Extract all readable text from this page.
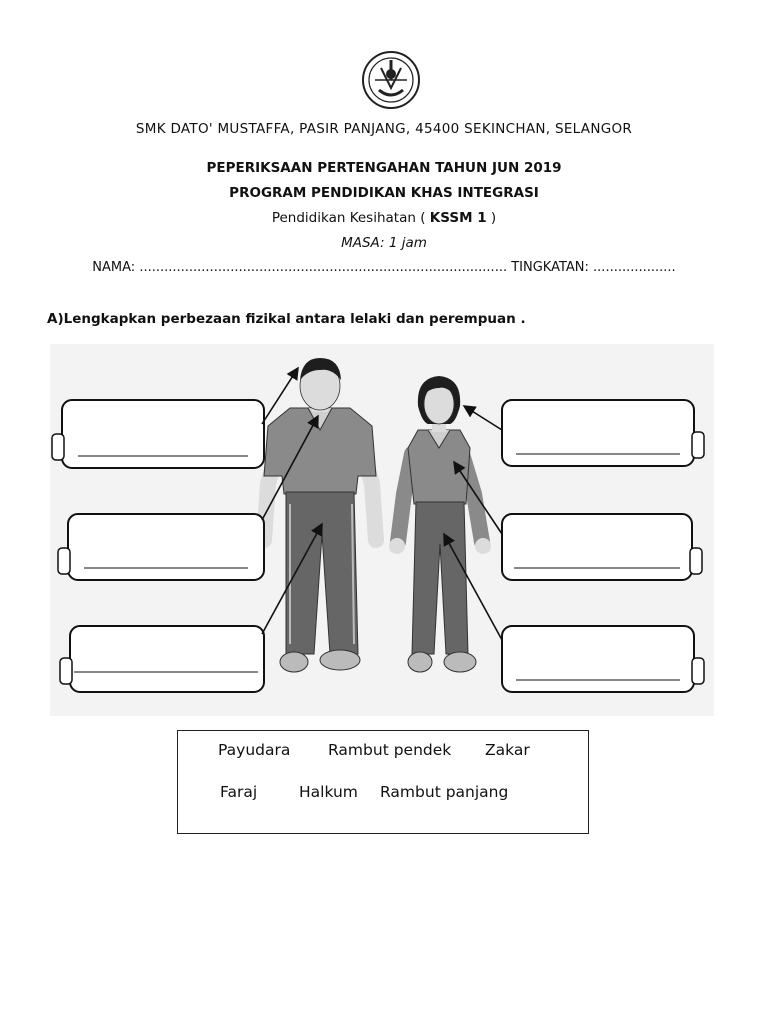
SMK DATO' MUSTAFFA, PASIR PANJANG, 45400 SEKINCHAN, SELANGOR
PEPERIKSAAN PERTENGAHAN TAHUN JUN 2019
PROGRAM PENDIDIKAN KHAS INTEGRASI
Pendidikan Kesihatan ( KSSM 1 )
MASA: 1 jam
NAMA: ......................................................................................... TINGKATAN: ....................
A)Lengkapkan perbezaan fizikal antara lelaki dan perempuan .
Payudara Rambut pendek Zakar
Faraj	Halkum Rambut panjang
